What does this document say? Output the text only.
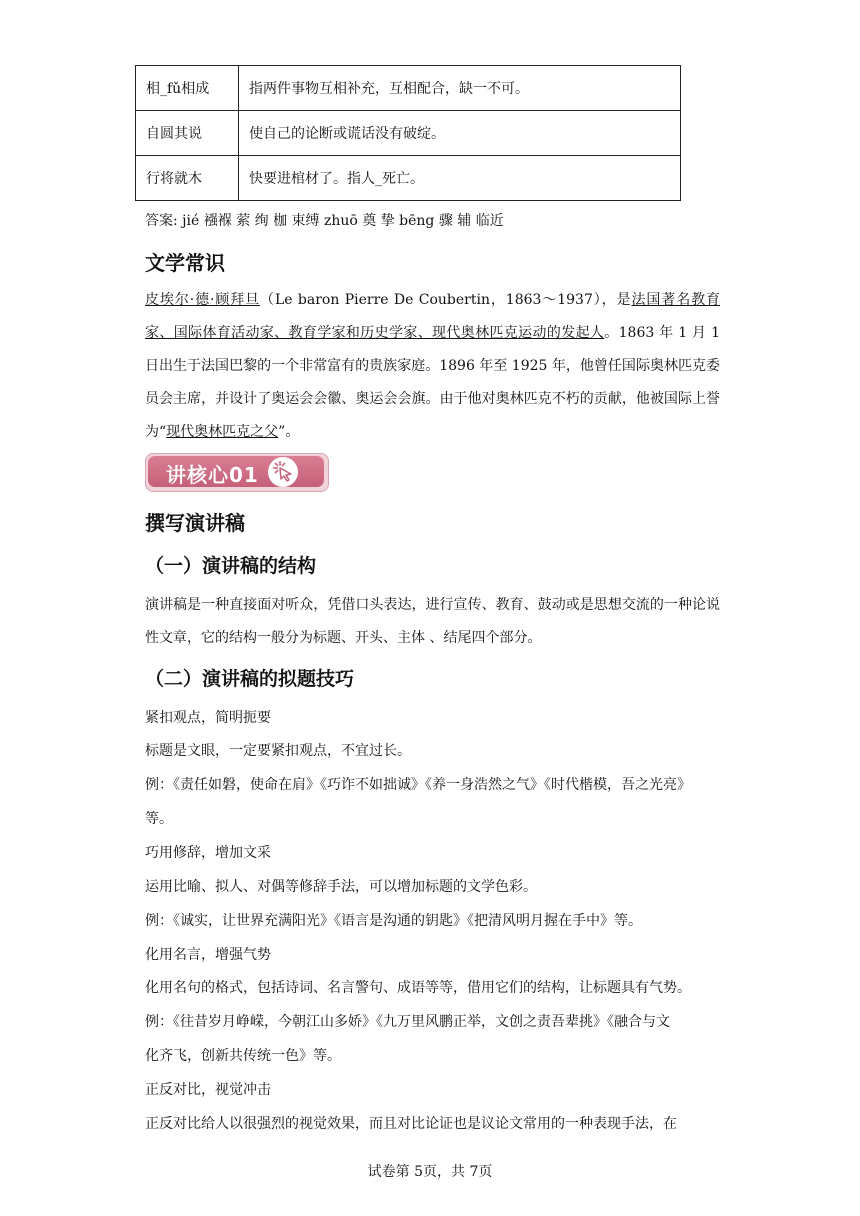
相_fǔ相成	指两件事物互相补充，互相配合，缺一不可。
自圆其说	使自己的论断或谎话没有破绽。
行将就木	快要进棺材了。指人_死亡。
答案: jié 襁褓 萦 绚 枷 束缚 zhuō 奠 挚 bēng 骤 辅 临近
文学常识
皮埃尔·德·顾拜旦（Le baron Pierre De Coubertin，1863～1937），是法国著名教育家、国际体育活动家、教育学家和历史学家、现代奥林匹克运动的发起人。1863 年 1 月 1 日出生于法国巴黎的一个非常富有的贵族家庭。1896 年至 1925 年，他曾任国际奥林匹克委员会主席，并设计了奥运会会徽、奥运会会旗。由于他对奥林匹克不朽的贡献，他被国际上誉为“现代奥林匹克之父”。
讲核心01
撰写演讲稿
（一）演讲稿的结构
演讲稿是一种直接面对听众，凭借口头表达，进行宣传、教育、鼓动或是思想交流的一种论说性文章，它的结构一般分为标题、开头、主体 、结尾四个部分。
（二）演讲稿的拟题技巧
紧扣观点，简明扼要
标题是文眼，一定要紧扣观点，不宜过长。
例：《责任如磐，使命在肩》《巧诈不如拙诚》《养一身浩然之气》《时代楷模，吾之光亮》
等。
巧用修辞，增加文采
运用比喻、拟人、对偶等修辞手法，可以增加标题的文学色彩。
例：《诚实，让世界充满阳光》《语言是沟通的钥匙》《把清风明月握在手中》等。
化用名言，增强气势
化用名句的格式，包括诗词、名言警句、成语等等，借用它们的结构，让标题具有气势。
例：《往昔岁月峥嵘，今朝江山多娇》《九万里风鹏正举，文创之责吾辈挑》《融合与文
化齐飞，创新共传统一色》等。
正反对比，视觉冲击
正反对比给人以很强烈的视觉效果，而且对比论证也是议论文常用的一种表现手法，在
试卷第 5页，共 7页
